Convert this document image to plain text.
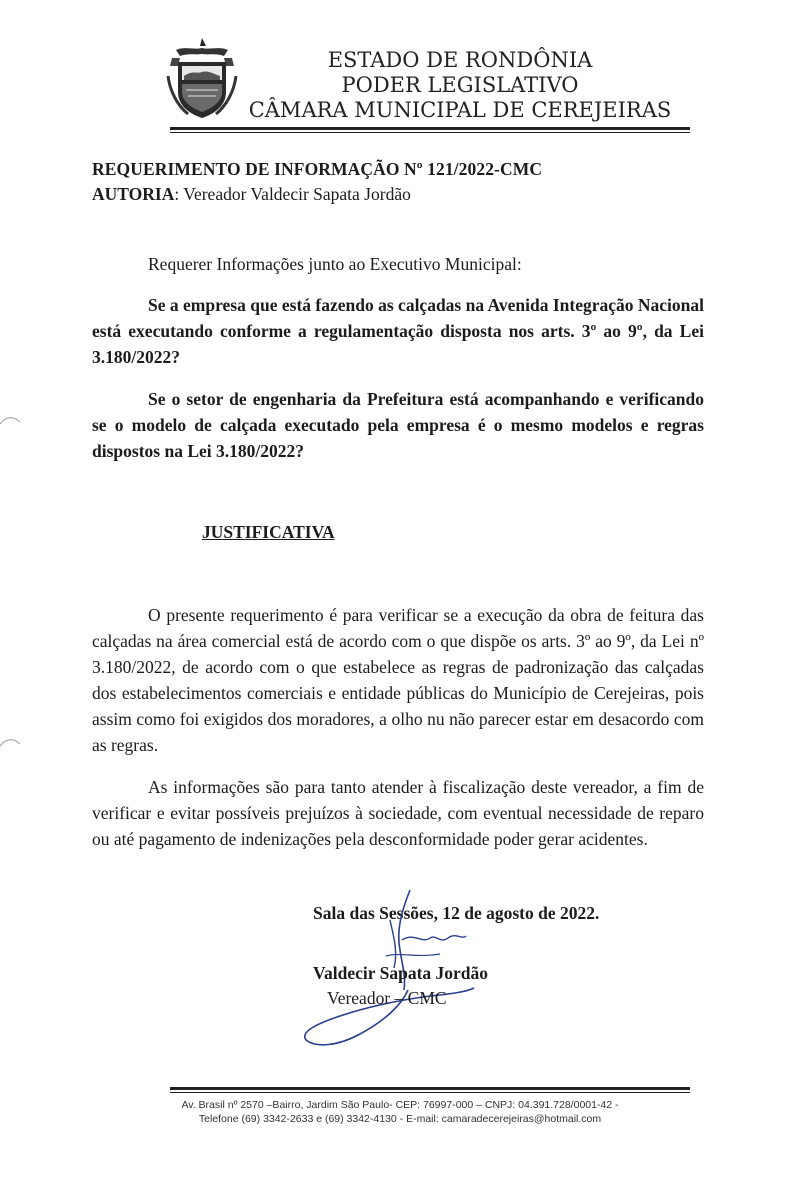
ESTADO DE RONDÔNIA
PODER LEGISLATIVO
CÂMARA MUNICIPAL DE CEREJEIRAS
REQUERIMENTO DE INFORMAÇÃO Nº 121/2022-CMC
AUTORIA: Vereador Valdecir Sapata Jordão
Requerer Informações junto ao Executivo Municipal:
Se a empresa que está fazendo as calçadas na Avenida Integração Nacional está executando conforme a regulamentação disposta nos arts. 3º ao 9º, da Lei 3.180/2022?
Se o setor de engenharia da Prefeitura está acompanhando e verificando se o modelo de calçada executado pela empresa é o mesmo modelos e regras dispostos na Lei 3.180/2022?
JUSTIFICATIVA
O presente requerimento é para verificar se a execução da obra de feitura das calçadas na área comercial está de acordo com o que dispõe os arts. 3º ao 9º, da Lei nº 3.180/2022, de acordo com o que estabelece as regras de padronização das calçadas dos estabelecimentos comerciais e entidade públicas do Município de Cerejeiras, pois assim como foi exigidos dos moradores, a olho nu não parecer estar em desacordo com as regras.
As informações são para tanto atender à fiscalização deste vereador, a fim de verificar e evitar possíveis prejuízos à sociedade, com eventual necessidade de reparo ou até pagamento de indenizações pela desconformidade poder gerar acidentes.
Sala das Sessões, 12 de agosto de 2022.
Valdecir Sapata Jordão
Vereador – CMC
Av. Brasil nº 2570 –Bairro, Jardim São Paulo- CEP: 76997-000 – CNPJ: 04.391.728/0001-42 -
Telefone (69) 3342-2633 e (69) 3342-4130 - E-mail: camaradecerejeiras@hotmail.com
